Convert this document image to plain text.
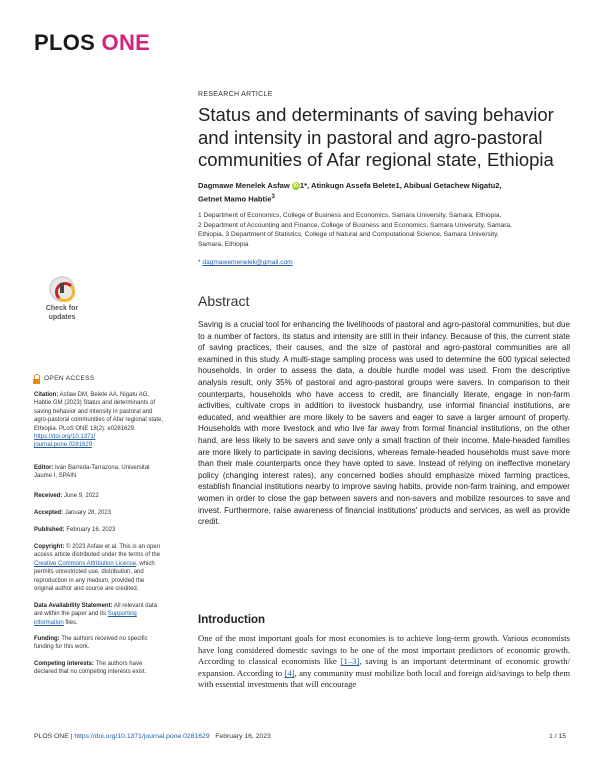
PLOS ONE
RESEARCH ARTICLE
Status and determinants of saving behavior and intensity in pastoral and agro-pastoral communities of Afar regional state, Ethiopia
Dagmawe Menelek Asfaw iD 1*, Atinkugn Assefa Belete1, Abibual Getachew Nigatu2,
Getnet Mamo Habtie$^3$
1 Department of Economics, College of Business and Economics, Samara University, Samara, Ethiopia,
2 Department of Accounting and Finance, College of Business and Economics, Samara University, Samara,
Ethiopia, 3 Department of Statistics, College of Natural and Computational Science, Samara University,
Samara, Ethiopia
* dagmawemenelek@gmail.com
Check for
updates
OPEN ACCESS
Citation: Asfaw DM, Belete AA, Nigatu AG, Habtie GM (2023) Status and determinants of saving behavior and intensity in pastoral and agro-pastoral communities of Afar regional state, Ethiopia. PLoS ONE 18(2): e0281629. https://doi.org/10.1371/
journal.pone.0281629
Editor: Iván Barreda-Tarrazona, Universitat Jaume I, SPAIN
Received: June 9, 2022
Accepted: January 28, 2023
Published: February 16, 2023
Copyright: © 2023 Asfaw et al. This is an open access article distributed under the terms of the Creative Commons Attribution License, which permits unrestricted use, distribution, and reproduction in any medium, provided the original author and source are credited.
Data Availability Statement: All relevant data are within the paper and its Supporting information files.
Funding: The authors received no specific funding for this work.
Competing interests: The authors have declared that no competing interests exist.
Abstract

Saving is a crucial tool for enhancing the livelihoods of pastoral and agro-pastoral communities, but due to a number of factors, its status and intensity are still in their infancy. Because of this, the current state of saving practices, their causes, and the size of pastoral and agro-pastoral communities are all examined in this study. A multi-stage sampling process was used to determine the 600 typical selected households. In order to assess the data, a double hurdle model was used. From the descriptive analysis result, only 35% of pastoral and agro-pastoral groups were savers. In comparison to their counterparts, households who have access to credit, are financially literate, engage in non-farm activities, cultivate crops in addition to livestock husbandry, use informal financial institutions, are educated, and wealthier are more likely to be savers and eager to save a larger amount of property. Households with more livestock and who live far away from formal financial institutions, on the other hand, are less likely to be savers and save only a small fraction of their income. Male-headed families are more likely to participate in saving decisions, whereas female-headed households must save more than their male counterparts once they have opted to save. Instead of relying on ineffective monetary policy (changing interest rates), any concerned bodies should emphasize mixed farming practices, establish financial institutions nearby to improve saving habits, provide non-farm training, and empower women in order to close the gap between savers and non-savers and mobilize resources to save and invest. Furthermore, raise awareness of financial institutions' products and services, as well as provide credit.

Introduction

One of the most important goals for most economies is to achieve long-term growth. Various economists have long considered domestic savings to be one of the most important predictors of economic growth. According to classical economists like [1–3], saving is an important determinant of economic growth/ expansion. According to [4], any community must mobilize both local and foreign aid/savings to help them with essential investments that will encourage

PLOS ONE | https://doi.org/10.1371/journal.pone.0281629 February 16, 2023	1 / 15
